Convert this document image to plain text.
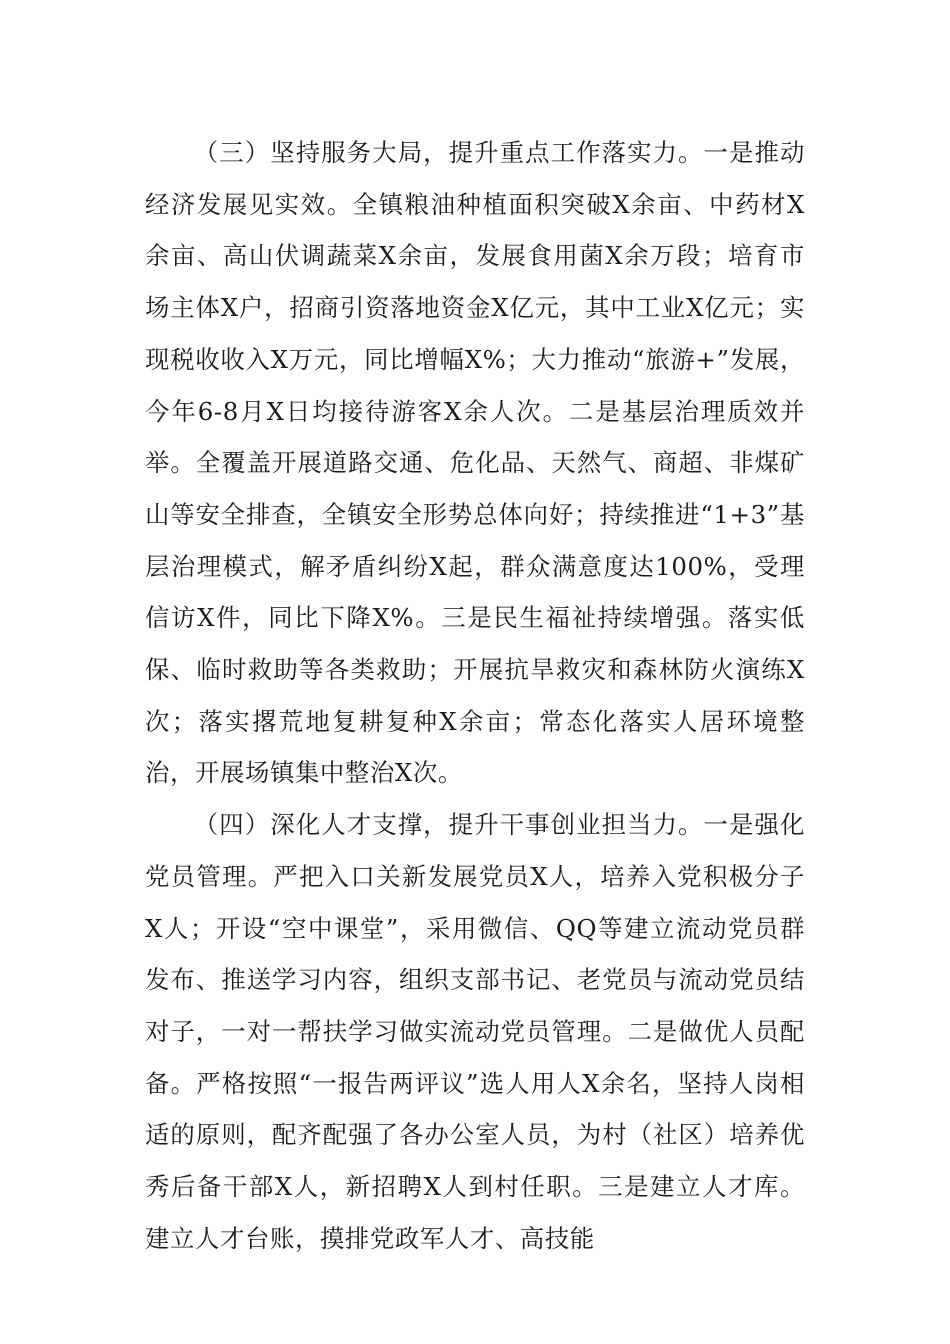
（三）坚持服务大局，提升重点工作落实力。一是推动经济发展见实效。全镇粮油种植面积突破X余亩、中药材X余亩、高山伏调蔬菜X余亩，发展食用菌X余万段；培育市场主体X户，招商引资落地资金X亿元，其中工业X亿元；实现税收收入X万元，同比增幅X%；大力推动“旅游+”发展，今年6-8月X日均接待游客X余人次。二是基层治理质效并举。全覆盖开展道路交通、危化品、天然气、商超、非煤矿山等安全排查，全镇安全形势总体向好；持续推进“1+3”基层治理模式，解矛盾纠纷X起，群众满意度达100%，受理信访X件，同比下降X%。三是民生福祉持续增强。落实低保、临时救助等各类救助；开展抗旱救灾和森林防火演练X次；落实撂荒地复耕复种X余亩；常态化落实人居环境整治，开展场镇集中整治X次。

（四）深化人才支撑，提升干事创业担当力。一是强化党员管理。严把入口关新发展党员X人，培养入党积极分子X人；开设“空中课堂”，采用微信、QQ等建立流动党员群发布、推送学习内容，组织支部书记、老党员与流动党员结对子，一对一帮扶学习做实流动党员管理。二是做优人员配备。严格按照“一报告两评议”选人用人X余名，坚持人岗相适的原则，配齐配强了各办公室人员，为村（社区）培养优秀后备干部X人，新招聘X人到村任职。三是建立人才库。建立人才台账，摸排党政军人才、高技能
